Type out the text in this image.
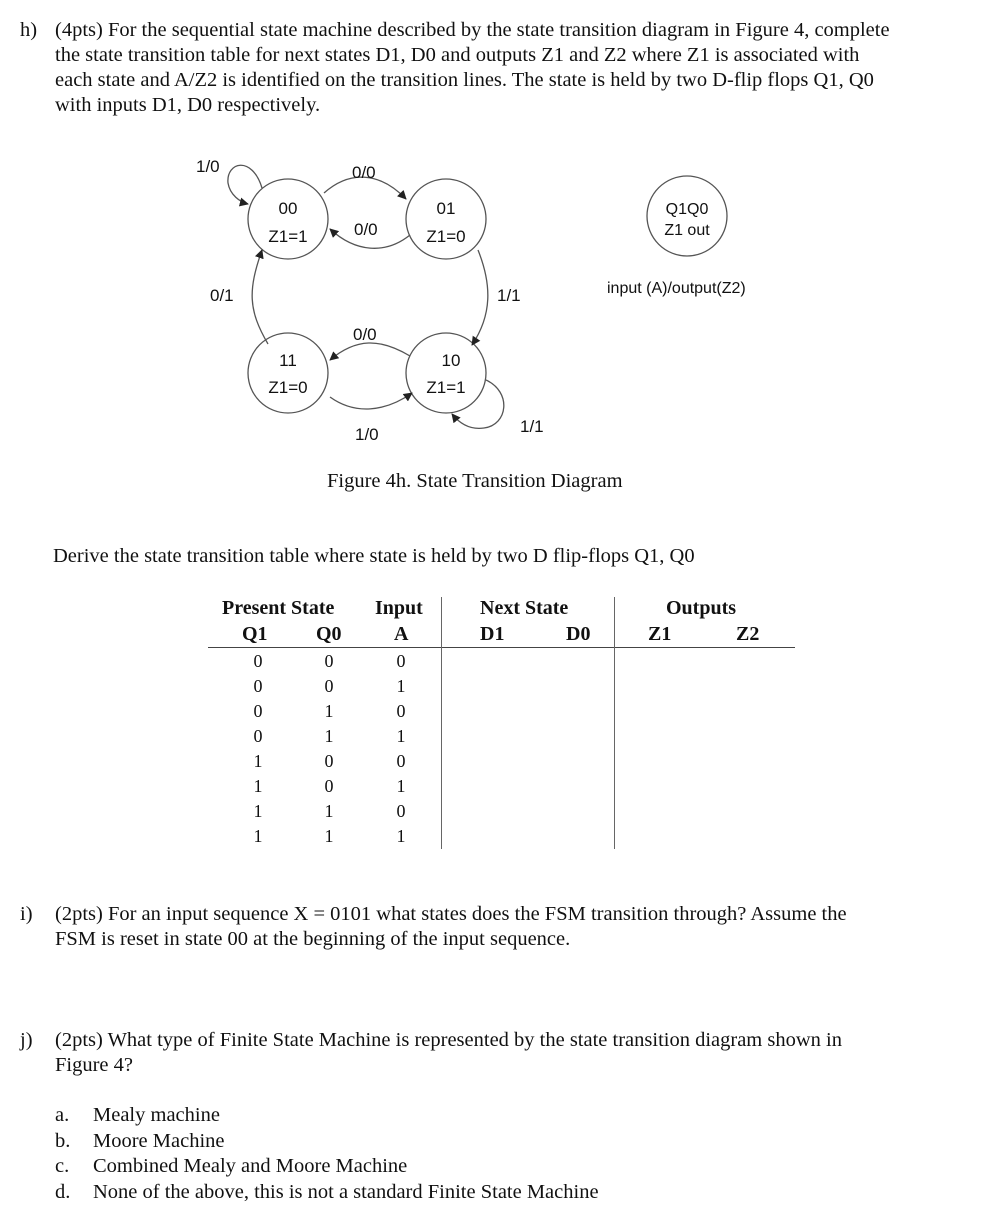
h) (4pts) For the sequential state machine described by the state transition diagram in Figure 4, complete
the state transition table for next states D1, D0 and outputs Z1 and Z2 where Z1 is associated with
each state and A/Z2 is identified on the transition lines. The state is held by two D-flip flops Q1, Q0
with inputs D1, D0 respectively.
00
Z1=1
01
Z1=0
11
Z1=0
10
Z1=1
1/0	0/0
0/0
0/1	1/1
0/0
1/0	1/1
Q1Q0
Z1 out
input (A)/output(Z2)
Figure 4h. State Transition Diagram
Derive the state transition table where state is held by two D flip-flops Q1, Q0
Present State Input	Next State	Outputs
Q1 Q0	A	D1	D0	Z1	Z2
0	0	0
0	0	1
0	1	0
0	1	1
1	0	0
1	0	1
1	1	0
1	1	1
i) (2pts) For an input sequence X = 0101 what states does the FSM transition through? Assume the
FSM is reset in state 00 at the beginning of the input sequence.
j) (2pts) What type of Finite State Machine is represented by the state transition diagram shown in
Figure 4?
a. Mealy machine
b. Moore Machine
c. Combined Mealy and Moore Machine
d. None of the above, this is not a standard Finite State Machine
